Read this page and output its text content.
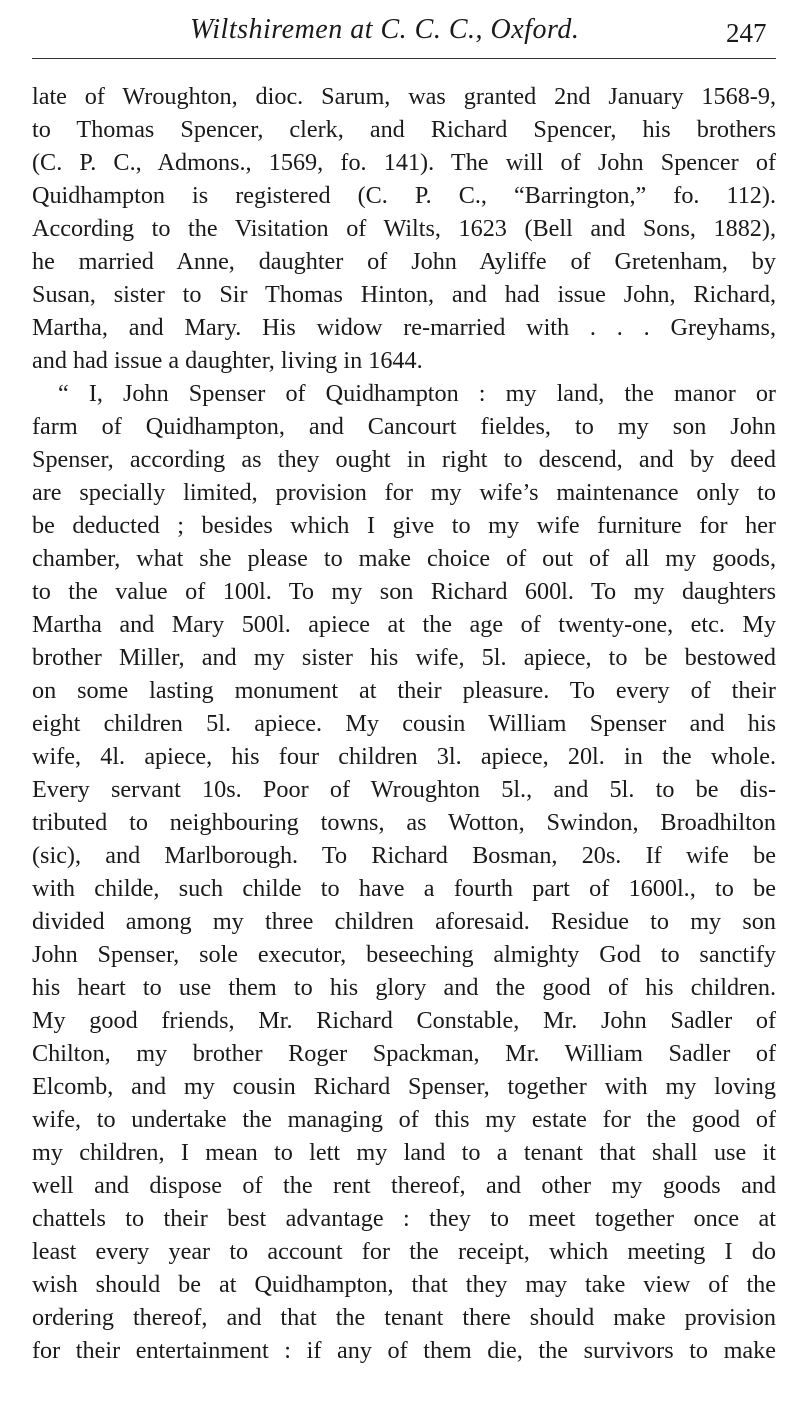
Wiltshiremen at C. C. C., Oxford.	247
late of Wroughton, dioc. Sarum, was granted 2nd January 1568-9,
to Thomas Spencer, clerk, and Richard Spencer, his brothers
(C. P. C., Admons., 1569, fo. 141). The will of John Spencer of
Quidhampton is registered (C. P. C., “Barrington,” fo. 112).
According to the Visitation of Wilts, 1623 (Bell and Sons, 1882),
he married Anne, daughter of John Ayliffe of Gretenham, by
Susan, sister to Sir Thomas Hinton, and had issue John, Richard,
Martha, and Mary. His widow re-married with . . . Greyhams,
and had issue a daughter, living in 1644.
“ I, John Spenser of Quidhampton : my land, the manor or
farm of Quidhampton, and Cancourt fieldes, to my son John
Spenser, according as they ought in right to descend, and by deed
are specially limited, provision for my wife’s maintenance only to
be deducted ; besides which I give to my wife furniture for her
chamber, what she please to make choice of out of all my goods,
to the value of 100l. To my son Richard 600l. To my daughters
Martha and Mary 500l. apiece at the age of twenty-one, etc. My
brother Miller, and my sister his wife, 5l. apiece, to be bestowed
on some lasting monument at their pleasure. To every of their
eight children 5l. apiece. My cousin William Spenser and his
wife, 4l. apiece, his four children 3l. apiece, 20l. in the whole.
Every servant 10s. Poor of Wroughton 5l., and 5l. to be dis-
tributed to neighbouring towns, as Wotton, Swindon, Broadhilton
(sic), and Marlborough. To Richard Bosman, 20s. If wife be
with childe, such childe to have a fourth part of 1600l., to be
divided among my three children aforesaid. Residue to my son
John Spenser, sole executor, beseeching almighty God to sanctify
his heart to use them to his glory and the good of his children.
My good friends, Mr. Richard Constable, Mr. John Sadler of
Chilton, my brother Roger Spackman, Mr. William Sadler of
Elcomb, and my cousin Richard Spenser, together with my loving
wife, to undertake the managing of this my estate for the good of
my children, I mean to lett my land to a tenant that shall use it
well and dispose of the rent thereof, and other my goods and
chattels to their best advantage : they to meet together once at
least every year to account for the receipt, which meeting I do
wish should be at Quidhampton, that they may take view of the
ordering thereof, and that the tenant there should make provision
for their entertainment : if any of them die, the survivors to make
